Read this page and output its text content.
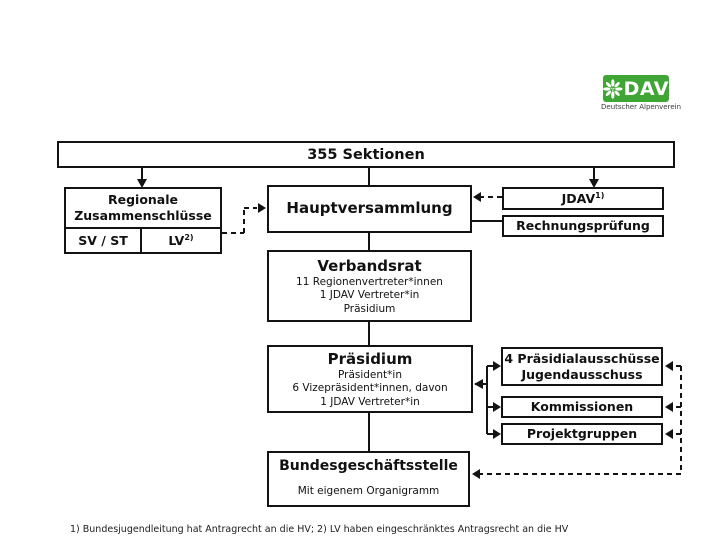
DAV
Deutscher Alpenverein
355 Sektionen
Regionale
Zusammenschlüsse
SV / ST	LV$^{2)}$
Hauptversammlung
JDAV$^{1)}$
Rechnungsprüfung
Verbandsrat
11 Regionenvertreter*innen
1 JDAV Vertreter*in
Präsidium
Präsidium
Präsident*in
6 Vizepräsident*innen, davon
1 JDAV Vertreter*in
4 Präsidialausschüsse
Jugendausschuss
Kommissionen
Projektgruppen
Bundesgeschäftsstelle
Mit eigenem Organigramm
1) Bundesjugendleitung hat Antragrecht an die HV; 2) LV haben eingeschränktes Antragsrecht an die HV
